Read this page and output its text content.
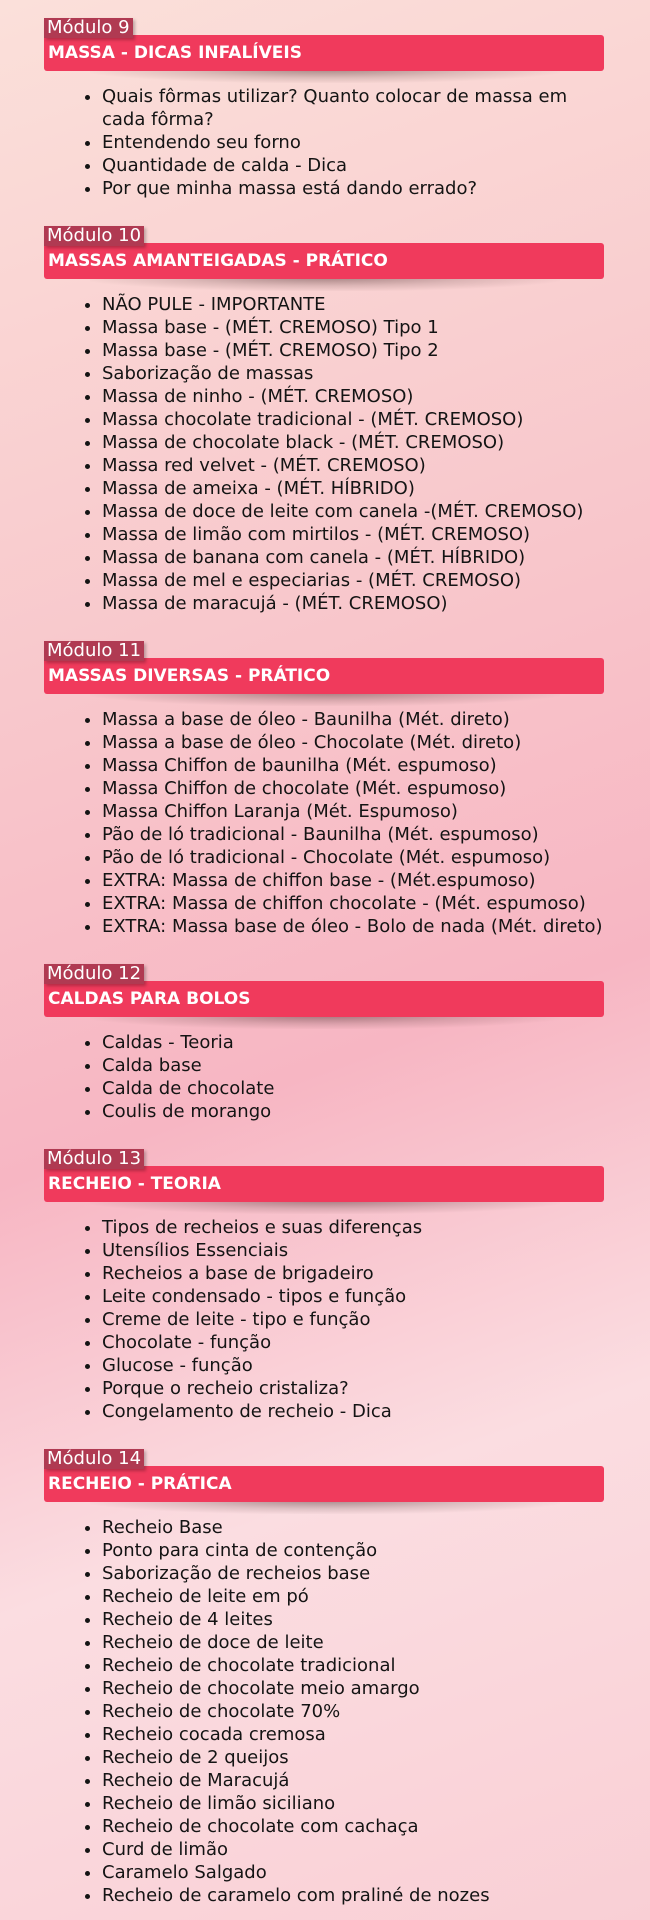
Módulo 9
MASSA - DICAS INFALÍVEIS
• Quais fôrmas utilizar? Quanto colocar de massa em cada fôrma?
• Entendendo seu forno
• Quantidade de calda - Dica
• Por que minha massa está dando errado?
Módulo 10
MASSAS AMANTEIGADAS - PRÁTICO
• NÃO PULE - IMPORTANTE
• Massa base - (MÉT. CREMOSO) Tipo 1
• Massa base - (MÉT. CREMOSO) Tipo 2
• Saborização de massas
• Massa de ninho - (MÉT. CREMOSO)
• Massa chocolate tradicional - (MÉT. CREMOSO)
• Massa de chocolate black - (MÉT. CREMOSO)
• Massa red velvet - (MÉT. CREMOSO)
• Massa de ameixa - (MÉT. HÍBRIDO)
• Massa de doce de leite com canela -(MÉT. CREMOSO)
• Massa de limão com mirtilos - (MÉT. CREMOSO)
• Massa de banana com canela - (MÉT. HÍBRIDO)
• Massa de mel e especiarias - (MÉT. CREMOSO)
• Massa de maracujá - (MÉT. CREMOSO)
Módulo 11
MASSAS DIVERSAS - PRÁTICO
• Massa a base de óleo - Baunilha (Mét. direto)
• Massa a base de óleo - Chocolate (Mét. direto)
• Massa Chiffon de baunilha (Mét. espumoso)
• Massa Chiffon de chocolate (Mét. espumoso)
• Massa Chiffon Laranja (Mét. Espumoso)
• Pão de ló tradicional - Baunilha (Mét. espumoso)
• Pão de ló tradicional - Chocolate (Mét. espumoso)
• EXTRA: Massa de chiffon base - (Mét.espumoso)
• EXTRA: Massa de chiffon chocolate - (Mét. espumoso)
• EXTRA: Massa base de óleo - Bolo de nada (Mét. direto)
Módulo 12
CALDAS PARA BOLOS
• Caldas - Teoria
• Calda base
• Calda de chocolate
• Coulis de morango
Módulo 13
RECHEIO - TEORIA
• Tipos de recheios e suas diferenças
• Utensílios Essenciais
• Recheios a base de brigadeiro
• Leite condensado - tipos e função
• Creme de leite - tipo e função
• Chocolate - função
• Glucose - função
• Porque o recheio cristaliza?
• Congelamento de recheio - Dica
Módulo 14
RECHEIO - PRÁTICA
• Recheio Base
• Ponto para cinta de contenção
• Saborização de recheios base
• Recheio de leite em pó
• Recheio de 4 leites
• Recheio de doce de leite
• Recheio de chocolate tradicional
• Recheio de chocolate meio amargo
• Recheio de chocolate 70%
• Recheio cocada cremosa
• Recheio de 2 queijos
• Recheio de Maracujá
• Recheio de limão siciliano
• Recheio de chocolate com cachaça
• Curd de limão
• Caramelo Salgado
• Recheio de caramelo com praliné de nozes
